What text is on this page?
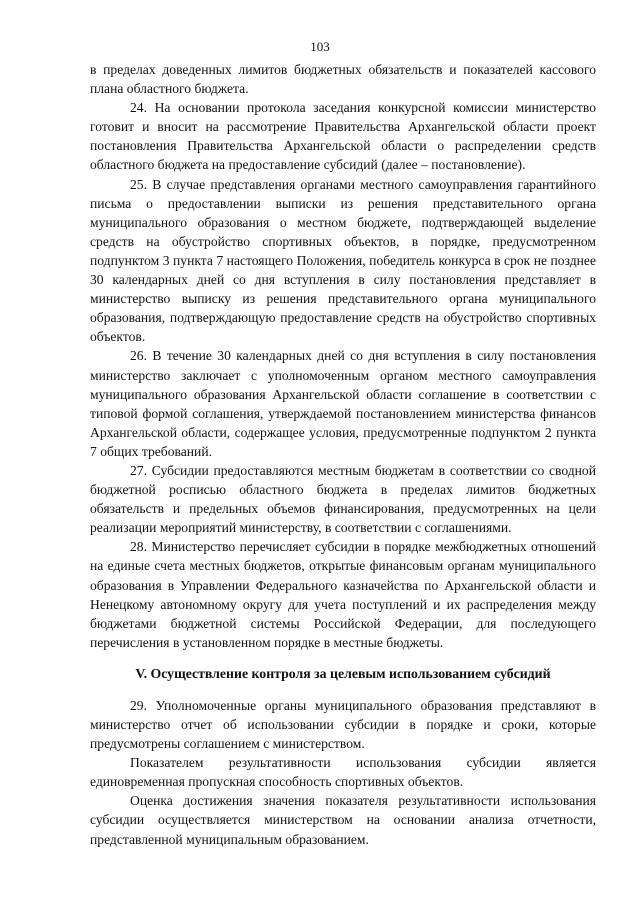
103

в пределах доведенных лимитов бюджетных обязательств и показателей кассового плана областного бюджета.

24. На основании протокола заседания конкурсной комиссии министерство готовит и вносит на рассмотрение Правительства Архангельской области проект постановления Правительства Архангельской области о распределении средств областного бюджета на предоставление субсидий (далее – постановление).

25. В случае представления органами местного самоуправления гарантийного письма о предоставлении выписки из решения представительного органа муниципального образования о местном бюджете, подтверждающей выделение средств на обустройство спортивных объектов, в порядке, предусмотренном подпунктом 3 пункта 7 настоящего Положения, победитель конкурса в срок не позднее 30 календарных дней со дня вступления в силу постановления представляет в министерство выписку из решения представительного органа муниципального образования, подтверждающую предоставление средств на обустройство спортивных объектов.

26. В течение 30 календарных дней со дня вступления в силу постановления министерство заключает с уполномоченным органом местного самоуправления муниципального образования Архангельской области соглашение в соответствии с типовой формой соглашения, утверждаемой постановлением министерства финансов Архангельской области, содержащее условия, предусмотренные подпунктом 2 пункта 7 общих требований.

27. Субсидии предоставляются местным бюджетам в соответствии со сводной бюджетной росписью областного бюджета в пределах лимитов бюджетных обязательств и предельных объемов финансирования, предусмотренных на цели реализации мероприятий министерству, в соответствии с соглашениями.

28. Министерство перечисляет субсидии в порядке межбюджетных отношений на единые счета местных бюджетов, открытые финансовым органам муниципального образования в Управлении Федерального казначейства по Архангельской области и Ненецкому автономному округу для учета поступлений и их распределения между бюджетами бюджетной системы Российской Федерации, для последующего перечисления в установленном порядке в местные бюджеты.

V. Осуществление контроля за целевым использованием субсидий

29. Уполномоченные органы муниципального образования представляют в министерство отчет об использовании субсидии в порядке и сроки, которые предусмотрены соглашением с министерством.

Показателем результативности использования субсидии является единовременная пропускная способность спортивных объектов.

Оценка достижения значения показателя результативности использования субсидии осуществляется министерством на основании анализа отчетности, представленной муниципальным образованием.
